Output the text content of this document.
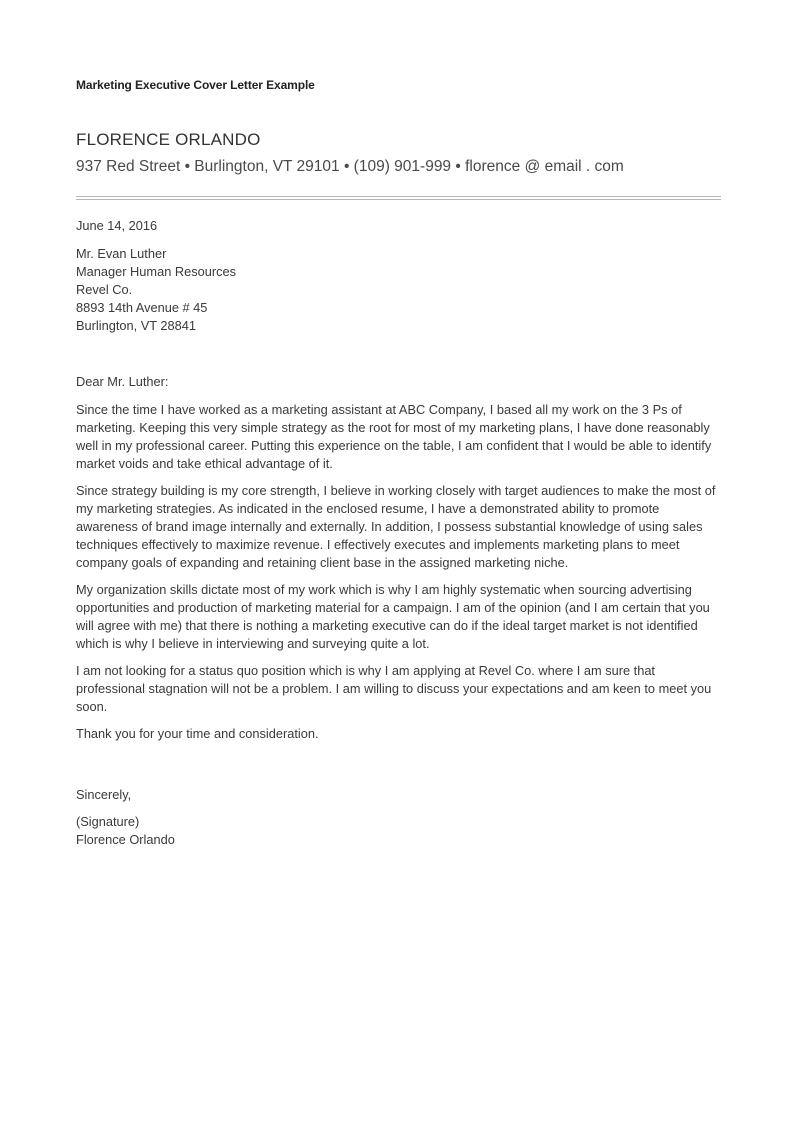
Marketing Executive Cover Letter Example
FLORENCE ORLANDO
937 Red Street • Burlington, VT 29101 • (109) 901-999 • florence @ email . com
June 14, 2016
Mr. Evan Luther
Manager Human Resources
Revel Co.
8893 14th Avenue # 45
Burlington, VT 28841
Dear Mr. Luther:

Since the time I have worked as a marketing assistant at ABC Company, I based all my work on the 3 Ps of marketing. Keeping this very simple strategy as the root for most of my marketing plans, I have done reasonably well in my professional career. Putting this experience on the table, I am confident that I would be able to identify market voids and take ethical advantage of it.

Since strategy building is my core strength, I believe in working closely with target audiences to make the most of my marketing strategies. As indicated in the enclosed resume, I have a demonstrated ability to promote awareness of brand image internally and externally. In addition, I possess substantial knowledge of using sales techniques effectively to maximize revenue. I effectively executes and implements marketing plans to meet company goals of expanding and retaining client base in the assigned marketing niche.

My organization skills dictate most of my work which is why I am highly systematic when sourcing advertising opportunities and production of marketing material for a campaign. I am of the opinion (and I am certain that you will agree with me) that there is nothing a marketing executive can do if the ideal target market is not identified which is why I believe in interviewing and surveying quite a lot.

I am not looking for a status quo position which is why I am applying at Revel Co. where I am sure that professional stagnation will not be a problem. I am willing to discuss your expectations and am keen to meet you soon.

Thank you for your time and consideration.

Sincerely,
(Signature)
Florence Orlando
